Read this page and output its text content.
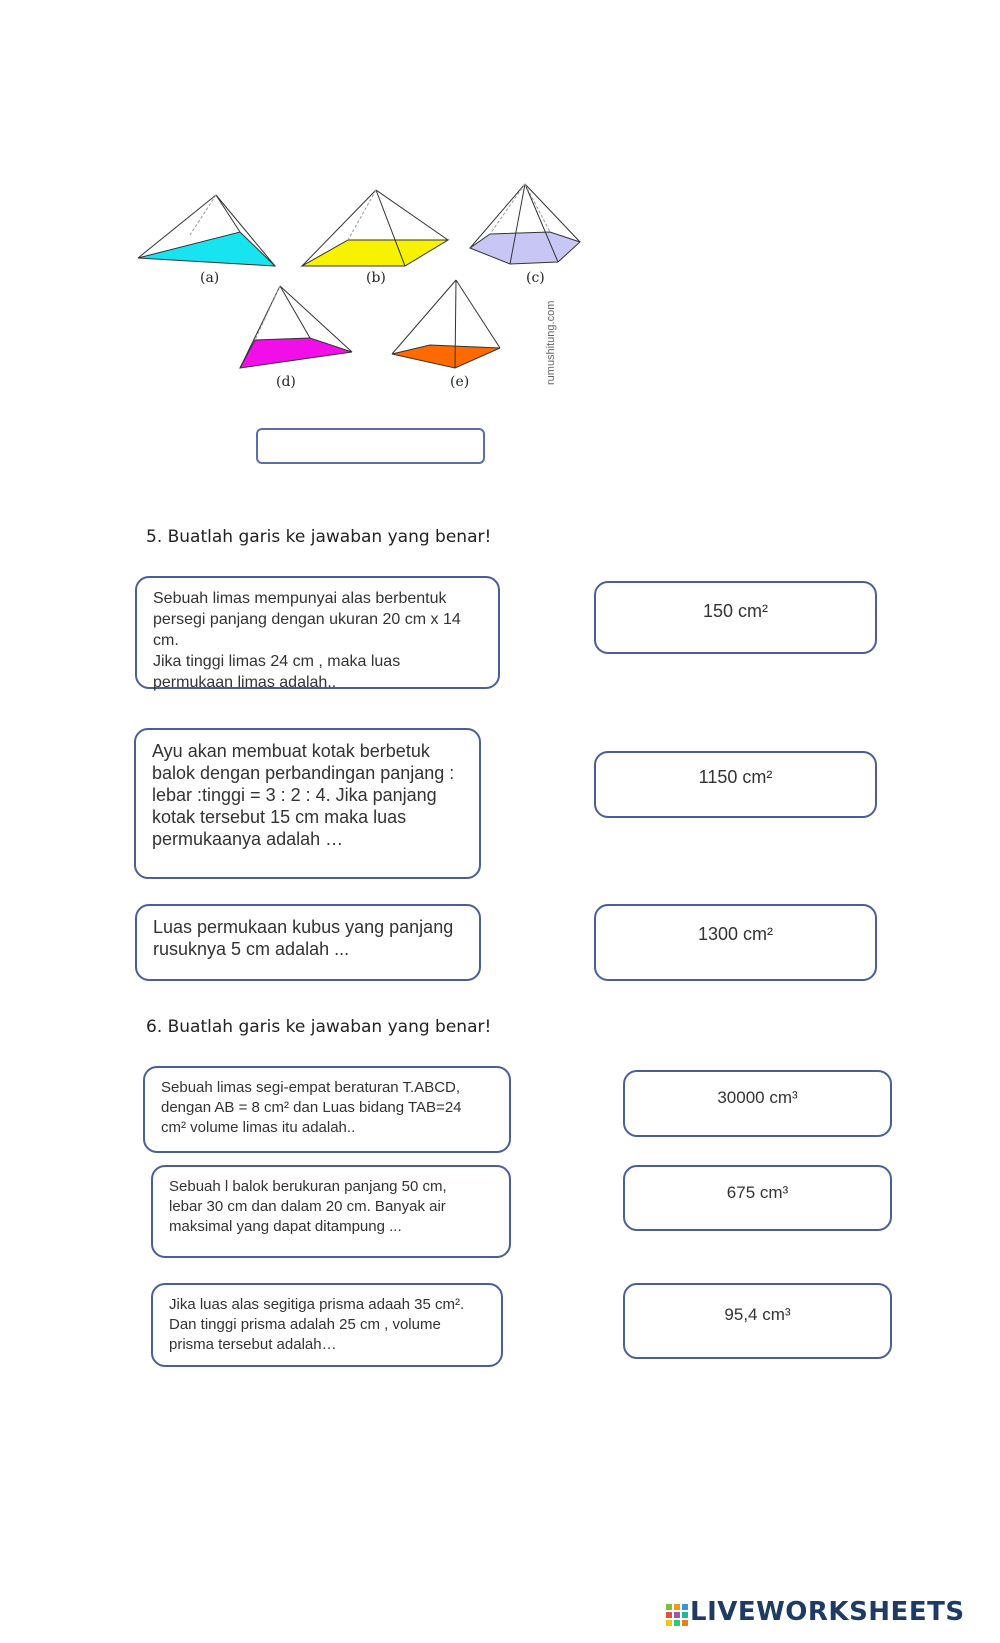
(a)	(b)	(c)
(d)	(e)	rumushitung.com
5. Buatlah garis ke jawaban yang benar!
Sebuah limas mempunyai alas berbentuk
persegi panjang dengan ukuran 20 cm x 14 cm.
Jika tinggi limas 24 cm , maka luas
permukaan limas adalah..
Ayu akan membuat kotak berbetuk
balok dengan perbandingan panjang :
lebar :tinggi = 3 : 2 : 4. Jika panjang
kotak tersebut 15 cm maka luas
permukaanya adalah …
Luas permukaan kubus yang panjang
rusuknya 5 cm adalah ...
150 cm²
1150 cm²
1300 cm²
6. Buatlah garis ke jawaban yang benar!
Sebuah limas segi-empat beraturan T.ABCD,
dengan AB = 8 cm² dan Luas bidang TAB=24
cm² volume limas itu adalah..
Sebuah l balok berukuran panjang 50 cm,
lebar 30 cm dan dalam 20 cm. Banyak air
maksimal yang dapat ditampung ...
Jika luas alas segitiga prisma adaah 35 cm².
Dan tinggi prisma adalah 25 cm , volume
prisma tersebut adalah…
30000 cm³
675 cm³
95,4 cm³
LIVEWORKSHEETS
